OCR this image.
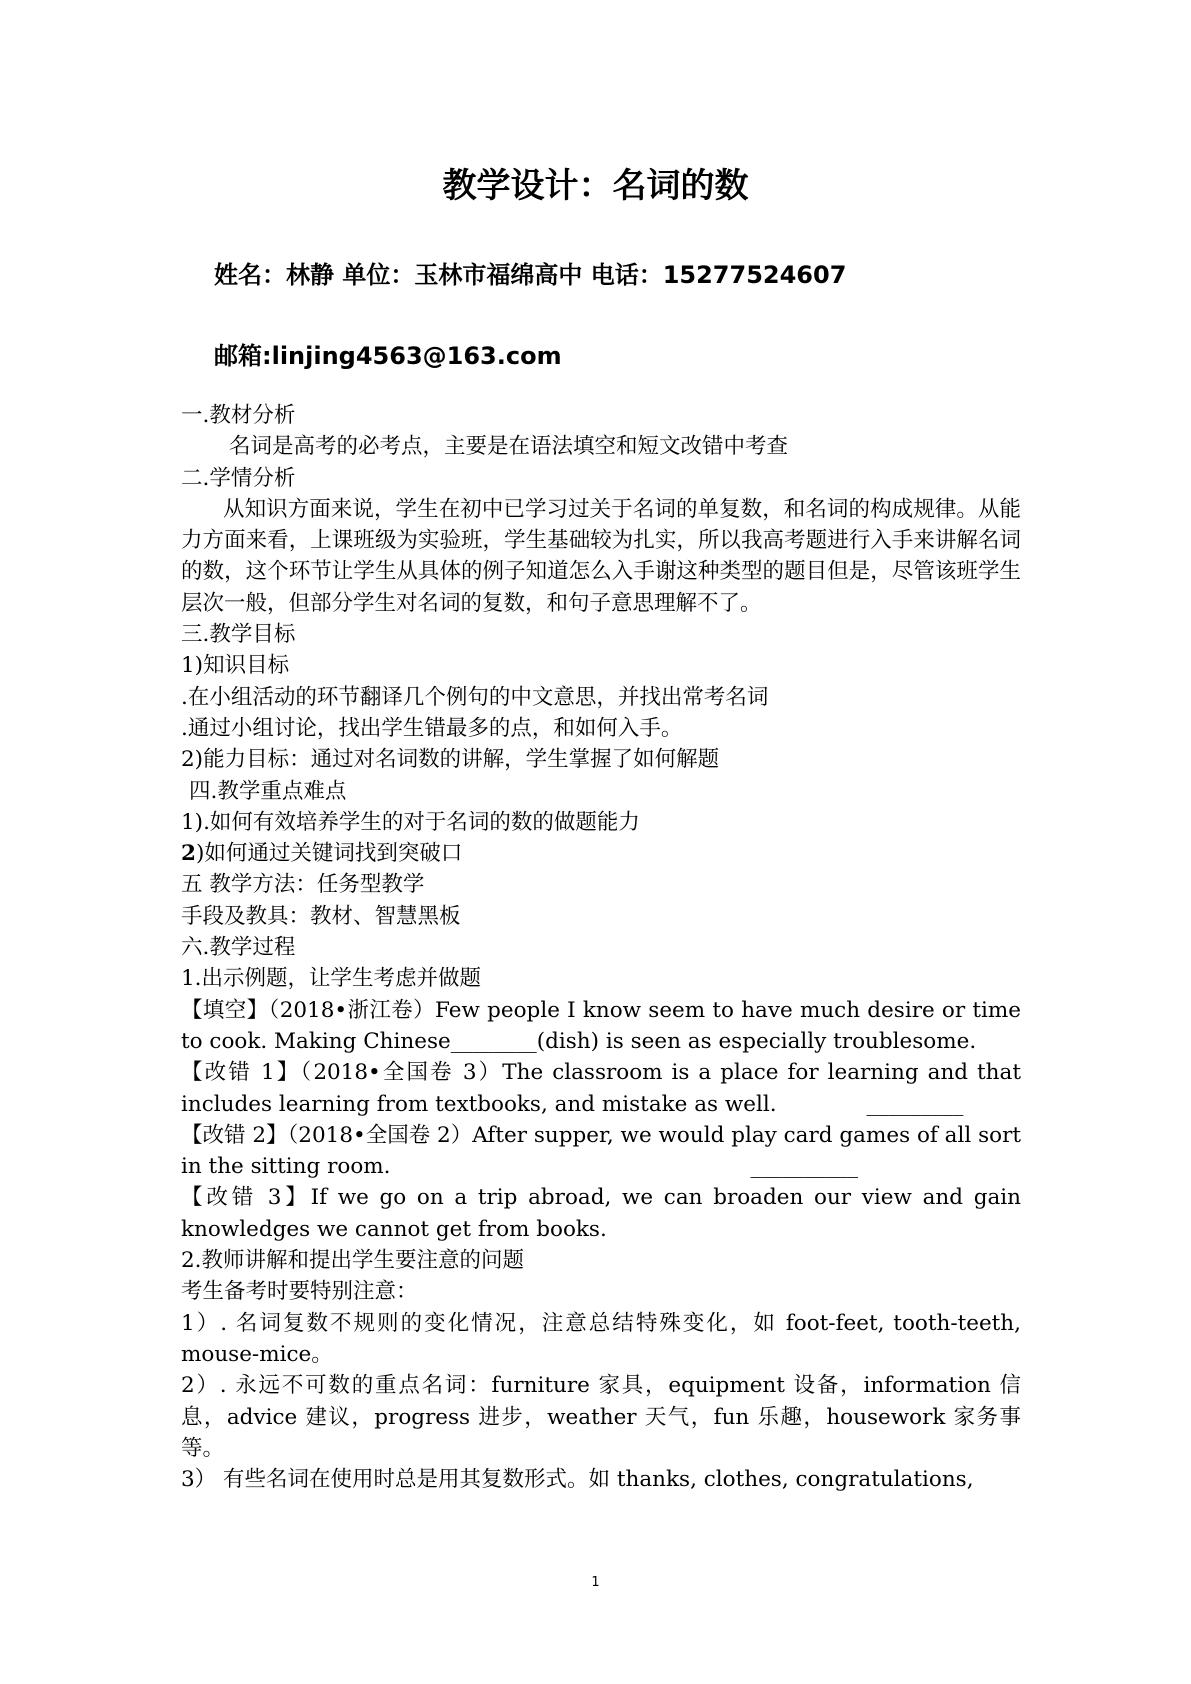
教学设计：名词的数
姓名：林静 单位：玉林市福绵高中 电话：15277524607
邮箱:linjing4563@163.com

一.教材分析

名词是高考的必考点，主要是在语法填空和短文改错中考查

二.学情分析

从知识方面来说，学生在初中已学习过关于名词的单复数，和名词的构成规律。从能力方面来看，上课班级为实验班，学生基础较为扎实，所以我高考题进行入手来讲解名词的数，这个环节让学生从具体的例子知道怎么入手谢这种类型的题目但是，尽管该班学生层次一般，但部分学生对名词的复数，和句子意思理解不了。

三.教学目标

1)知识目标

.在小组活动的环节翻译几个例句的中文意思，并找出常考名词

.通过小组讨论，找出学生错最多的点，和如何入手。

2)能力目标：通过对名词数的讲解，学生掌握了如何解题

四.教学重点难点

1).如何有效培养学生的对于名词的数的做题能力

2)如何通过关键词找到突破口

五 教学方法：任务型教学

手段及教具：教材、智慧黑板

六.教学过程

1.出示例题，让学生考虑并做题

【填空】（2018•浙江卷）Few people I know seem to have much desire or time to cook. Making Chinese________(dish) is seen as especially troublesome.

【改错 1】（2018•全国卷 3）The classroom is a place for learning and that includes learning from textbooks, and mistake as well.	_________

【改错 2】（2018•全国卷 2）After supper, we would play card games of all sort in the sitting room.	__________

【改错 3】If we go on a trip abroad, we can broaden our view and gain knowledges we cannot get from books.

2.教师讲解和提出学生要注意的问题

考生备考时要特别注意：

1）. 名词复数不规则的变化情况，注意总结特殊变化，如 foot-feet, tooth-teeth, mouse-mice。

2）. 永远不可数的重点名词：furniture 家具，equipment 设备，information 信息，advice 建议，progress 进步，weather 天气，fun 乐趣，housework 家务事等。

3） 有些名词在使用时总是用其复数形式。如 thanks, clothes, congratulations,

1
